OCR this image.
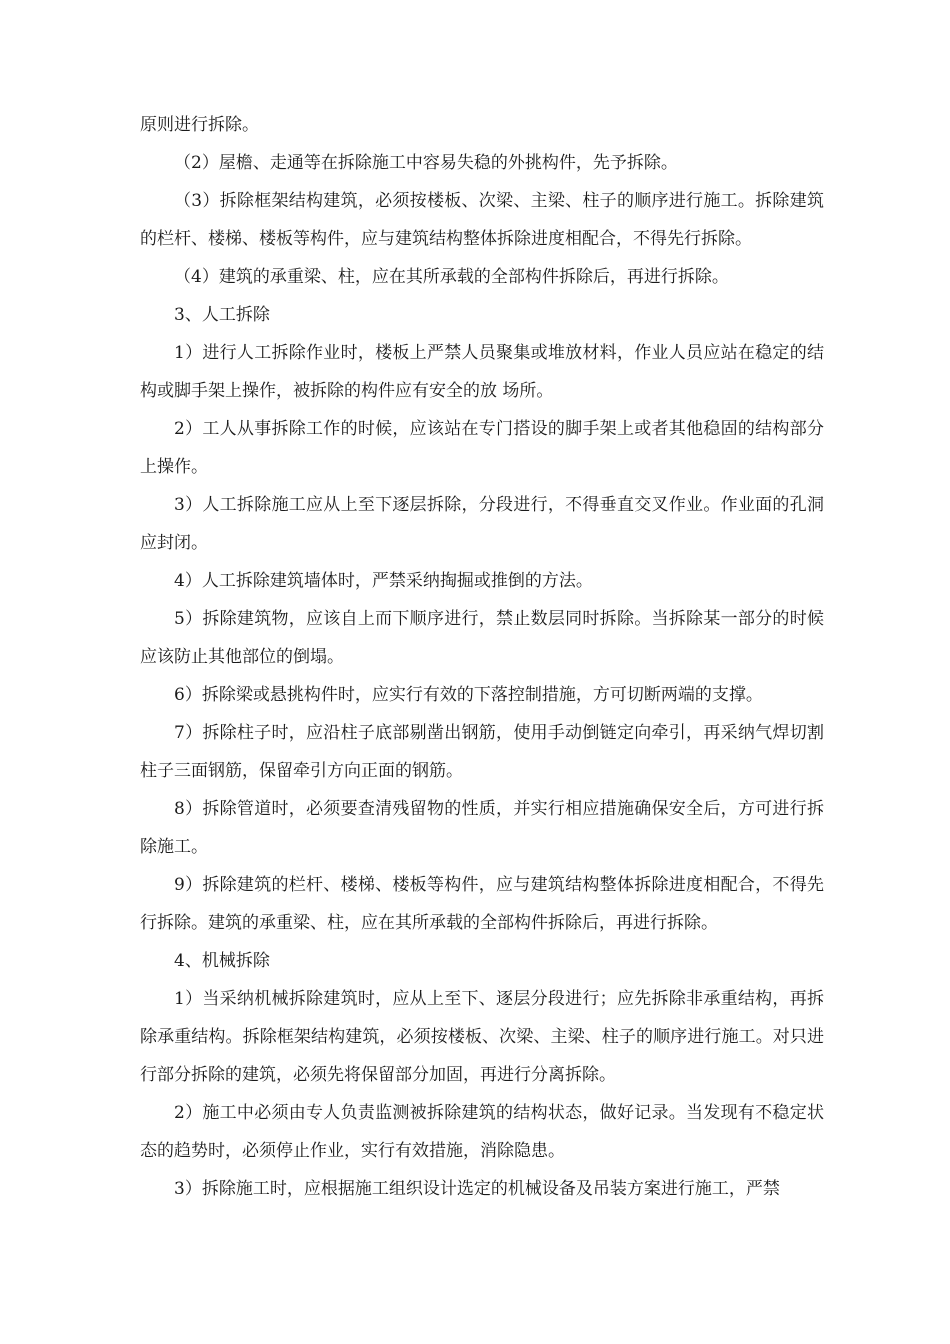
原则进行拆除。

（2）屋檐、走通等在拆除施工中容易失稳的外挑构件，先予拆除。

（3）拆除框架结构建筑，必须按楼板、次梁、主梁、柱子的顺序进行施工。拆除建筑的栏杆、楼梯、楼板等构件，应与建筑结构整体拆除进度相配合，不得先行拆除。

（4）建筑的承重梁、柱，应在其所承载的全部构件拆除后，再进行拆除。

3、人工拆除

1）进行人工拆除作业时，楼板上严禁人员聚集或堆放材料，作业人员应站在稳定的结构或脚手架上操作，被拆除的构件应有安全的放 场所。

2）工人从事拆除工作的时候，应该站在专门搭设的脚手架上或者其他稳固的结构部分上操作。

3）人工拆除施工应从上至下逐层拆除，分段进行，不得垂直交叉作业。作业面的孔洞应封闭。

4）人工拆除建筑墙体时，严禁采纳掏掘或推倒的方法。

5）拆除建筑物，应该自上而下顺序进行，禁止数层同时拆除。当拆除某一部分的时候应该防止其他部位的倒塌。

6）拆除梁或悬挑构件时，应实行有效的下落控制措施，方可切断两端的支撑。

7）拆除柱子时，应沿柱子底部剔凿出钢筋，使用手动倒链定向牵引，再采纳气焊切割柱子三面钢筋，保留牵引方向正面的钢筋。

8）拆除管道时，必须要查清残留物的性质，并实行相应措施确保安全后，方可进行拆除施工。

9）拆除建筑的栏杆、楼梯、楼板等构件，应与建筑结构整体拆除进度相配合，不得先行拆除。建筑的承重梁、柱，应在其所承载的全部构件拆除后，再进行拆除。

4、机械拆除

1）当采纳机械拆除建筑时，应从上至下、逐层分段进行；应先拆除非承重结构，再拆除承重结构。拆除框架结构建筑，必须按楼板、次梁、主梁、柱子的顺序进行施工。对只进行部分拆除的建筑，必须先将保留部分加固，再进行分离拆除。

2）施工中必须由专人负责监测被拆除建筑的结构状态，做好记录。当发现有不稳定状态的趋势时，必须停止作业，实行有效措施，消除隐患。

3）拆除施工时，应根据施工组织设计选定的机械设备及吊装方案进行施工，严禁
